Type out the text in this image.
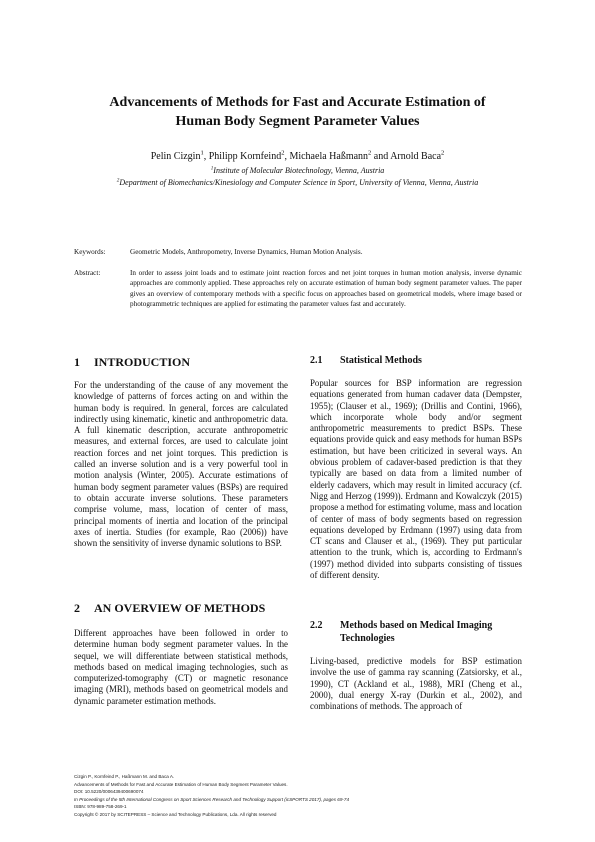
Advancements of Methods for Fast and Accurate Estimation of
Human Body Segment Parameter Values
Pelin Cizgin$^1$, Philipp Kornfeind$^2$, Michaela Haßmann$^2$ and Arnold Baca$^2$
$^1$Institute of Molecular Biotechnology, Vienna, Austria
$^2$Department of Biomechanics/Kinesiology and Computer Science in Sport, University of Vienna, Vienna, Austria
Keywords:	Geometric Models, Anthropometry, Inverse Dynamics, Human Motion Analysis.
Abstract:	In order to assess joint loads and to estimate joint reaction forces and net joint torques in human motion analysis, inverse dynamic approaches are commonly applied. These approaches rely on accurate estimation of human body segment parameter values. The paper gives an overview of contemporary methods with a specific focus on approaches based on geometrical models, where image based or photogrammetric techniques are applied for estimating the parameter values fast and accurately.
1 INTRODUCTION

For the understanding of the cause of any movement the knowledge of patterns of forces acting on and within the human body is required. In general, forces are calculated indirectly using kinematic, kinetic and anthropometric data. A full kinematic description, accurate anthropometric measures, and external forces, are used to calculate joint reaction forces and net joint torques. This prediction is called an inverse solution and is a very powerful tool in motion analysis (Winter, 2005). Accurate estimations of human body segment parameter values (BSPs) are required to obtain accurate inverse solutions. These parameters comprise volume, mass, location of center of mass, principal moments of inertia and location of the principal axes of inertia. Studies (for example, Rao (2006)) have shown the sensitivity of inverse dynamic solutions to BSP.

2 AN OVERVIEW OF METHODS

Different approaches have been followed in order to determine human body segment parameter values. In the sequel, we will differentiate between statistical methods, methods based on medical imaging technologies, such as computerized-tomography (CT) or magnetic resonance imaging (MRI), methods based on geometrical models and dynamic parameter estimation methods.

2.1 Statistical Methods

Popular sources for BSP information are regression equations generated from human cadaver data (Dempster, 1955); (Clauser et al., 1969); (Drillis and Contini, 1966), which incorporate whole body and/or segment anthropometric measurements to predict BSPs. These equations provide quick and easy methods for human BSPs estimation, but have been criticized in several ways. An obvious problem of cadaver-based prediction is that they typically are based on data from a limited number of elderly cadavers, which may result in limited accuracy (cf. Nigg and Herzog (1999)). Erdmann and Kowalczyk (2015) propose a method for estimating volume, mass and location of center of mass of body segments based on regression equations developed by Erdmann (1997) using data from CT scans and Clauser et al., (1969). They put particular attention to the trunk, which is, according to Erdmann's (1997) method divided into subparts consisting of tissues of different density.

2.2 Methods based on Medical Imaging
Technologies

Living-based, predictive models for BSP estimation involve the use of gamma ray scanning (Zatsiorsky, et al., 1990), CT (Ackland et al., 1988), MRI (Cheng et al., 2000), dual energy X-ray (Durkin et al., 2002), and combinations of methods. The approach of

Cizgin P., Kornfeind P., Haßmann M. and Baca A.
Advancements of Methods for Fast and Accurate Estimation of Human Body Segment Parameter Values.
DOI: 10.5220/0006439400690074
In Proceedings of the 5th International Congress on Sport Sciences Research and Technology Support (icSPORTS 2017), pages 69-74
ISBN: 978-989-758-269-1
Copyright © 2017 by SCITEPRESS – Science and Technology Publications, Lda. All rights reserved
